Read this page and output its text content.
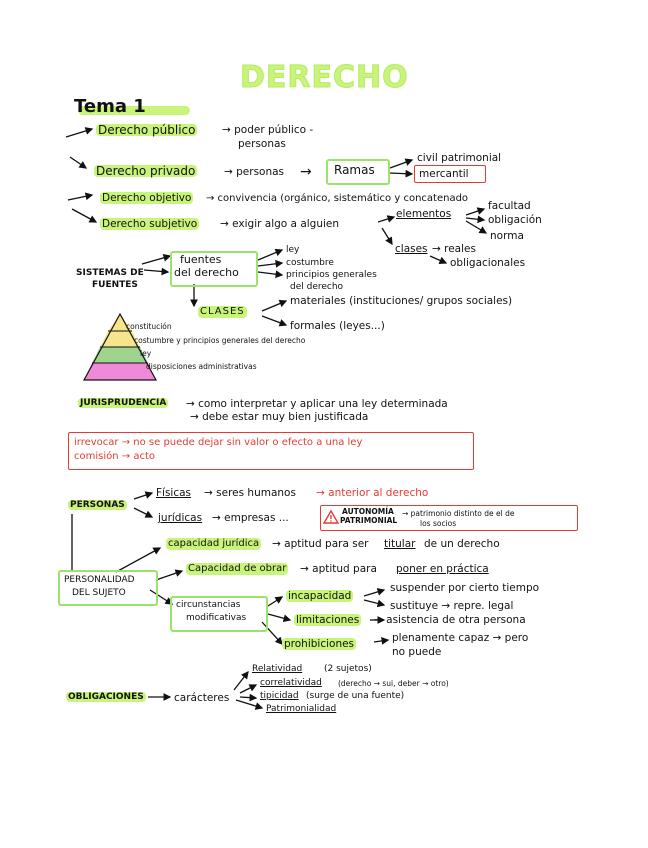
DERECHO
Tema 1
Derecho público	→ poder público -
personas
Derecho privado	→ personas → Ramas
civil patrimonial
mercantil
Derecho objetivo → convivencia (orgánico, sistemático y concatenado
Derecho subjetivo → exigir algo a alguien
elementos
facultad
obligación
norma
clases → reales
obligacionales
SISTEMAS DE
FUENTES
fuentes
del derecho
ley
costumbre
principios generales
del derecho
CLASES
materiales (instituciones/ grupos sociales)
formales (leyes...)
constitución
costumbre y principios generales del derecho
ley
disposiciones administrativas
JURISPRUDENCIA → como interpretar y aplicar una ley determinada
→ debe estar muy bien justificada
irrevocar → no se puede dejar sin valor o efecto a una ley
comisión → acto
PERSONAS
Físicas → seres humanos → anterior al derecho
jurídicas → empresas ...
AUTONOMÍA
PATRIMONIAL
→ patrimonio distinto de el de
los socios
PERSONALIDAD
DEL SUJETO
capacidad jurídica → aptitud para ser titular de un derecho
Capacidad de obrar → aptitud para poner en práctica
circunstancias
modificativas
incapacidad
suspender por cierto tiempo
sustituye → repre. legal
limitaciones → asistencia de otra persona
prohibiciones	plenamente capaz → pero
no puede
OBLIGACIONES	carácteres
Relatividad (2 sujetos)
correlatividad (derecho → sui, deber → otro)
tipicidad (surge de una fuente)
Patrimonialidad
